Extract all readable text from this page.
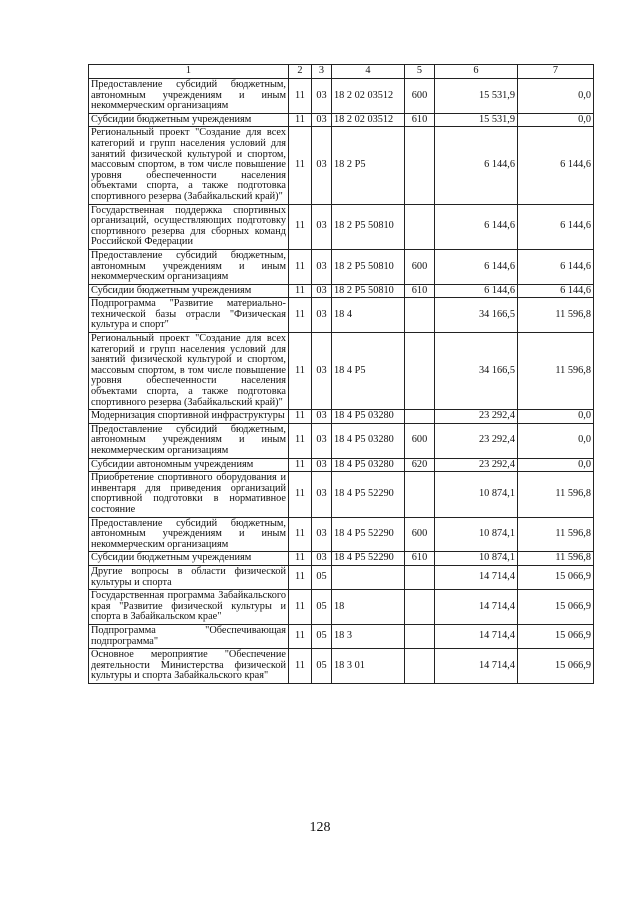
1	2	3	4	5	6	7
Предоставление субсидий бюджетным, автономным учреждениям и иным некоммерческим организациям	11	03	18 2 02 03512	600	15 531,9	0,0
Субсидии бюджетным учреждениям	11	03	18 2 02 03512	610	15 531,9	0,0
Региональный проект "Создание для всех категорий и групп населения условий для занятий физической культурой и спортом, массовым спортом, в том числе повышение уровня обеспеченности населения объектами спорта, а также подготовка спортивного резерва (Забайкальский край)"	11	03	18 2 P5		6 144,6	6 144,6
Государственная поддержка спортивных организаций, осуществляющих подготовку спортивного резерва для сборных команд Российской Федерации	11	03	18 2 P5 50810		6 144,6	6 144,6
Предоставление субсидий бюджетным, автономным учреждениям и иным некоммерческим организациям	11	03	18 2 P5 50810	600	6 144,6	6 144,6
Субсидии бюджетным учреждениям	11	03	18 2 P5 50810	610	6 144,6	6 144,6
Подпрограмма "Развитие материально-технической базы отрасли "Физическая культура и спорт"	11	03	18 4		34 166,5	11 596,8
Региональный проект "Создание для всех категорий и групп населения условий для занятий физической культурой и спортом, массовым спортом, в том числе повышение уровня обеспеченности населения объектами спорта, а также подготовка спортивного резерва (Забайкальский край)"	11	03	18 4 P5		34 166,5	11 596,8
Модернизация спортивной инфраструктуры	11	03	18 4 P5 03280		23 292,4	0,0
Предоставление субсидий бюджетным, автономным учреждениям и иным некоммерческим организациям	11	03	18 4 P5 03280	600	23 292,4	0,0
Субсидии автономным учреждениям	11	03	18 4 P5 03280	620	23 292,4	0,0
Приобретение спортивного оборудования и инвентаря для приведения организаций спортивной подготовки в нормативное состояние	11	03	18 4 P5 52290		10 874,1	11 596,8
Предоставление субсидий бюджетным, автономным учреждениям и иным некоммерческим организациям	11	03	18 4 P5 52290	600	10 874,1	11 596,8
Субсидии бюджетным учреждениям	11	03	18 4 P5 52290	610	10 874,1	11 596,8
Другие вопросы в области физической культуры и спорта	11	05			14 714,4	15 066,9
Государственная программа Забайкальского края "Развитие физической культуры и спорта в Забайкальском крае"	11	05	18		14 714,4	15 066,9
Подпрограмма "Обеспечивающая подпрограмма"	11	05	18 3		14 714,4	15 066,9
Основное мероприятие "Обеспечение деятельности Министерства физической культуры и спорта Забайкальского края"	11	05	18 3 01		14 714,4	15 066,9
128
